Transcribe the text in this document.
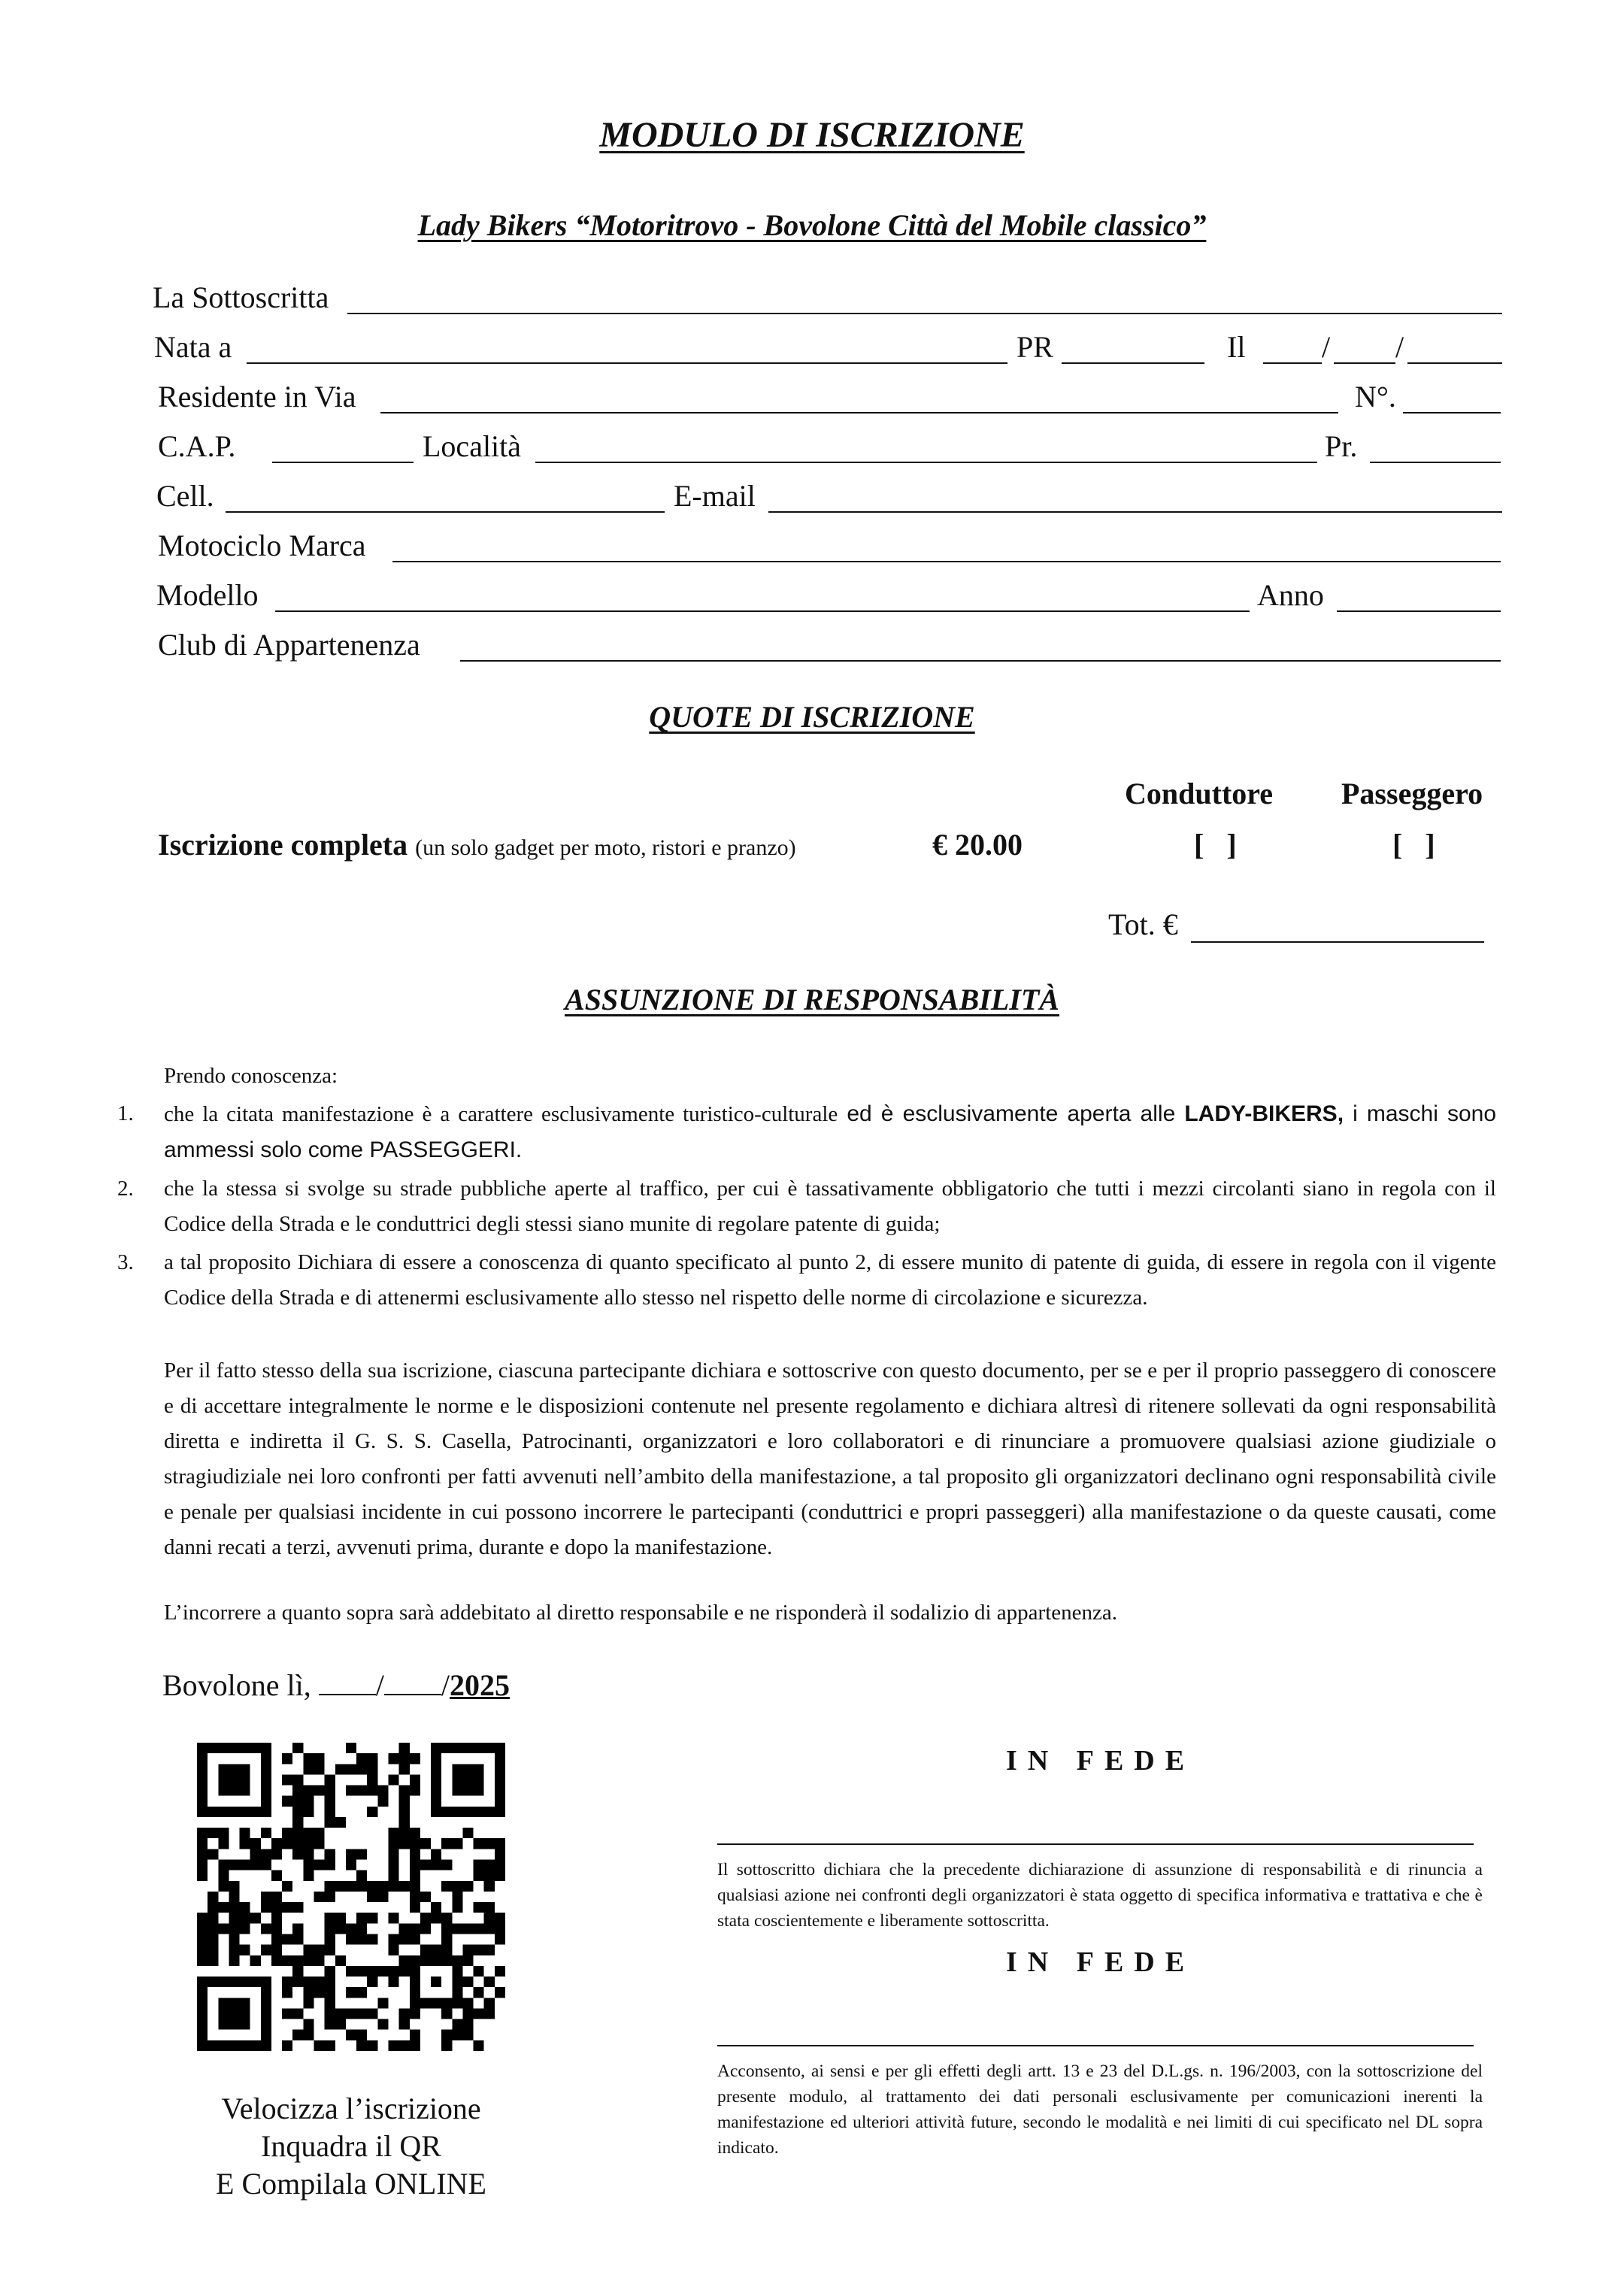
MODULO DI ISCRIZIONE
Lady Bikers “Motoritrovo - Bovolone Città del Mobile classico”
La Sottoscritta
Nata a	PR	Il	/ /
Residente in Via	N°.
C.A.P.	Località	Pr.
Cell.	E-mail
Motociclo Marca
Modello	Anno
Club di Appartenenza
QUOTE DI ISCRIZIONE
Conduttore Passeggero
Iscrizione completa (un solo gadget per moto, ristori e pranzo)	€ 20.00	[   ]	[   ]
Tot. €
ASSUNZIONE DI RESPONSABILITÀ
Prendo conoscenza:
1. che la citata manifestazione è a carattere esclusivamente turistico-culturale ed è esclusivamente aperta alle LADY-BIKERS, i maschi sono ammessi solo come PASSEGGERI.
2. che la stessa si svolge su strade pubbliche aperte al traffico, per cui è tassativamente obbligatorio che tutti i mezzi circolanti siano in regola con il Codice della Strada e le conduttrici degli stessi siano munite di regolare patente di guida;
3. a tal proposito Dichiara di essere a conoscenza di quanto specificato al punto 2, di essere munito di patente di guida, di essere in regola con il vigente Codice della Strada e di attenermi esclusivamente allo stesso nel rispetto delle norme di circolazione e sicurezza.
Per il fatto stesso della sua iscrizione, ciascuna partecipante dichiara e sottoscrive con questo documento, per se e per il proprio passeggero di conoscere e di accettare integralmente le norme e le disposizioni contenute nel presente regolamento e dichiara altresì di ritenere sollevati da ogni responsabilità diretta e indiretta il G. S. S. Casella, Patrocinanti, organizzatori e loro collaboratori e di rinunciare a promuovere qualsiasi azione giudiziale o stragiudiziale nei loro confronti per fatti avvenuti nell’ambito della manifestazione, a tal proposito gli organizzatori declinano ogni responsabilità civile e penale per qualsiasi incidente in cui possono incorrere le partecipanti (conduttrici e propri passeggeri) alla manifestazione o da queste causati, come danni recati a terzi, avvenuti prima, durante e dopo la manifestazione.
L’incorrere a quanto sopra sarà addebitato al diretto responsabile e ne risponderà il sodalizio di appartenenza.
Bovolone lì, / /2025
Velocizza l’iscrizione
Inquadra il QR
E Compilala ONLINE
IN FEDE
Il sottoscritto dichiara che la precedente dichiarazione di assunzione di responsabilità e di rinuncia a qualsiasi azione nei confronti degli organizzatori è stata oggetto di specifica informativa e trattativa e che è stata coscientemente e liberamente sottoscritta.
IN FEDE
Acconsento, ai sensi e per gli effetti degli artt. 13 e 23 del D.L.gs. n. 196/2003, con la sottoscrizione del presente modulo, al trattamento dei dati personali esclusivamente per comunicazioni inerenti la manifestazione ed ulteriori attività future, secondo le modalità e nei limiti di cui specificato nel DL sopra indicato.
